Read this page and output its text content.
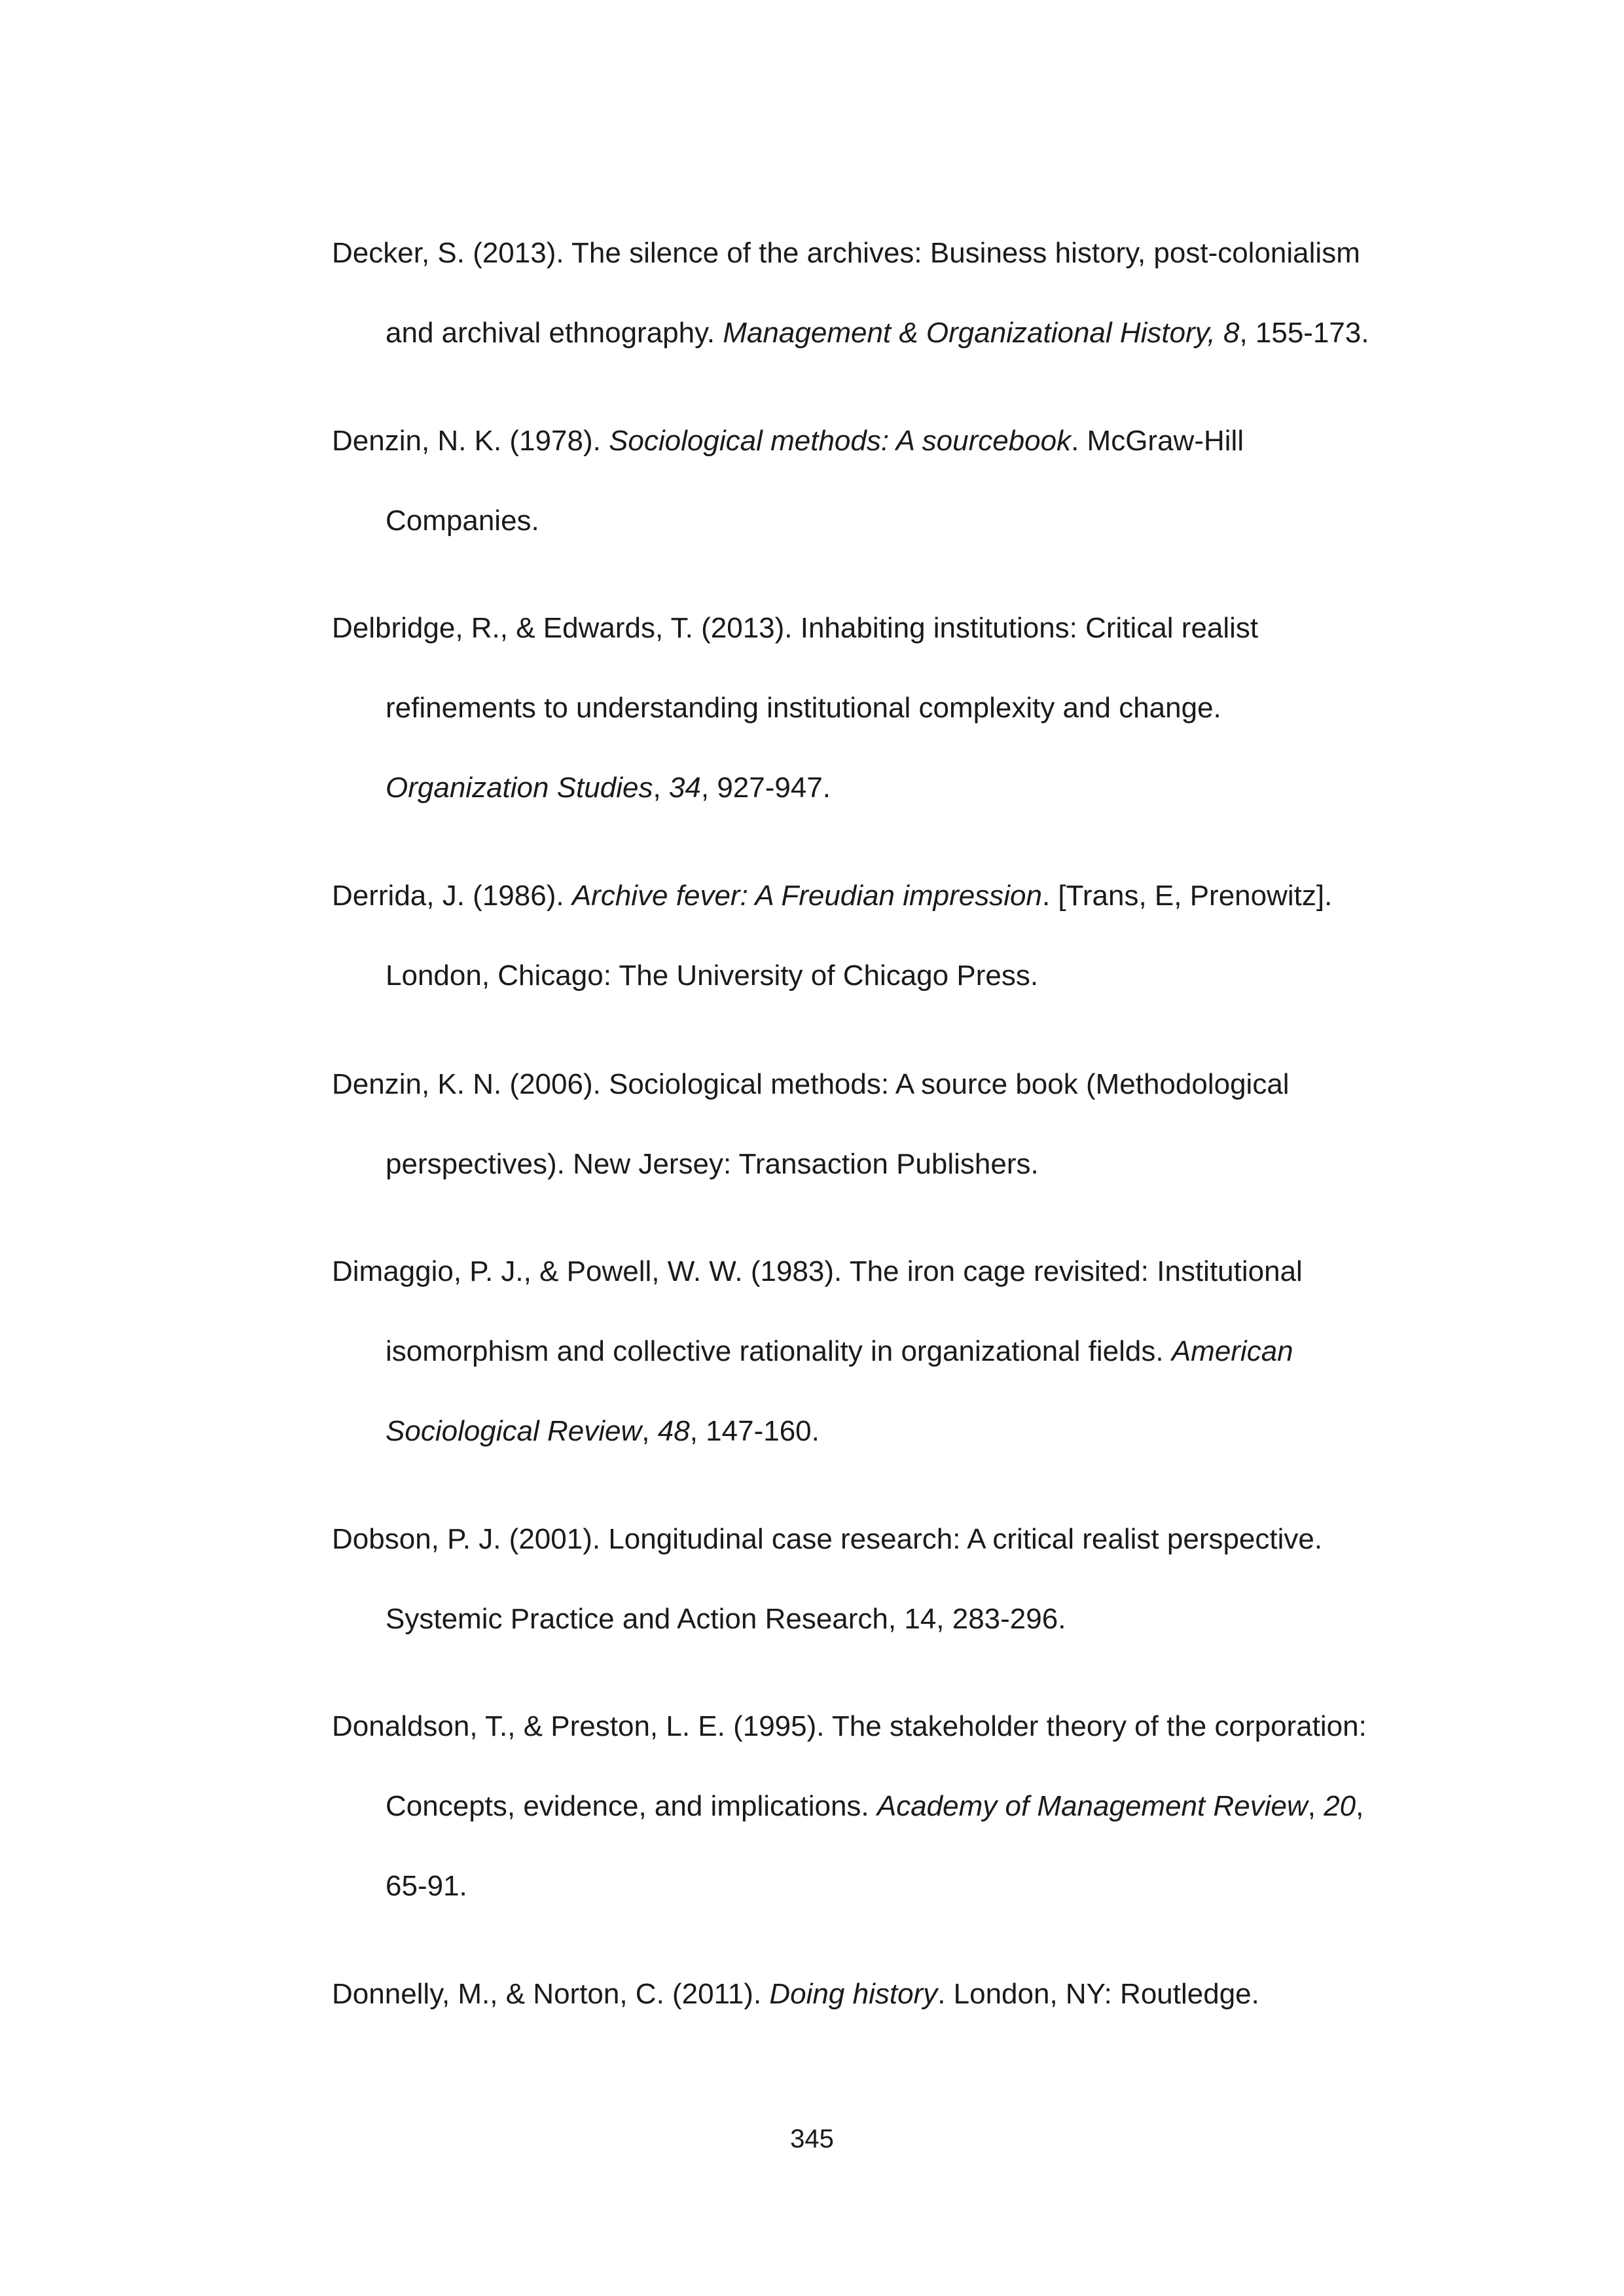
Decker, S. (2013). The silence of the archives: Business history, post-colonialism
and archival ethnography. Management & Organizational History, 8, 155-173.

Denzin, N. K. (1978). Sociological methods: A sourcebook. McGraw-Hill
Companies.

Delbridge, R., & Edwards, T. (2013). Inhabiting institutions: Critical realist
refinements to understanding institutional complexity and change.
Organization Studies, 34, 927-947.

Derrida, J. (1986). Archive fever: A Freudian impression. [Trans, E, Prenowitz].
London, Chicago: The University of Chicago Press.

Denzin, K. N. (2006). Sociological methods: A source book (Methodological
perspectives). New Jersey: Transaction Publishers.

Dimaggio, P. J., & Powell, W. W. (1983). The iron cage revisited: Institutional
isomorphism and collective rationality in organizational fields. American
Sociological Review, 48, 147-160.

Dobson, P. J. (2001). Longitudinal case research: A critical realist perspective.
Systemic Practice and Action Research, 14, 283-296.

Donaldson, T., & Preston, L. E. (1995). The stakeholder theory of the corporation:
Concepts, evidence, and implications. Academy of Management Review, 20,
65-91.

Donnelly, M., & Norton, C. (2011). Doing history. London, NY: Routledge.

345
